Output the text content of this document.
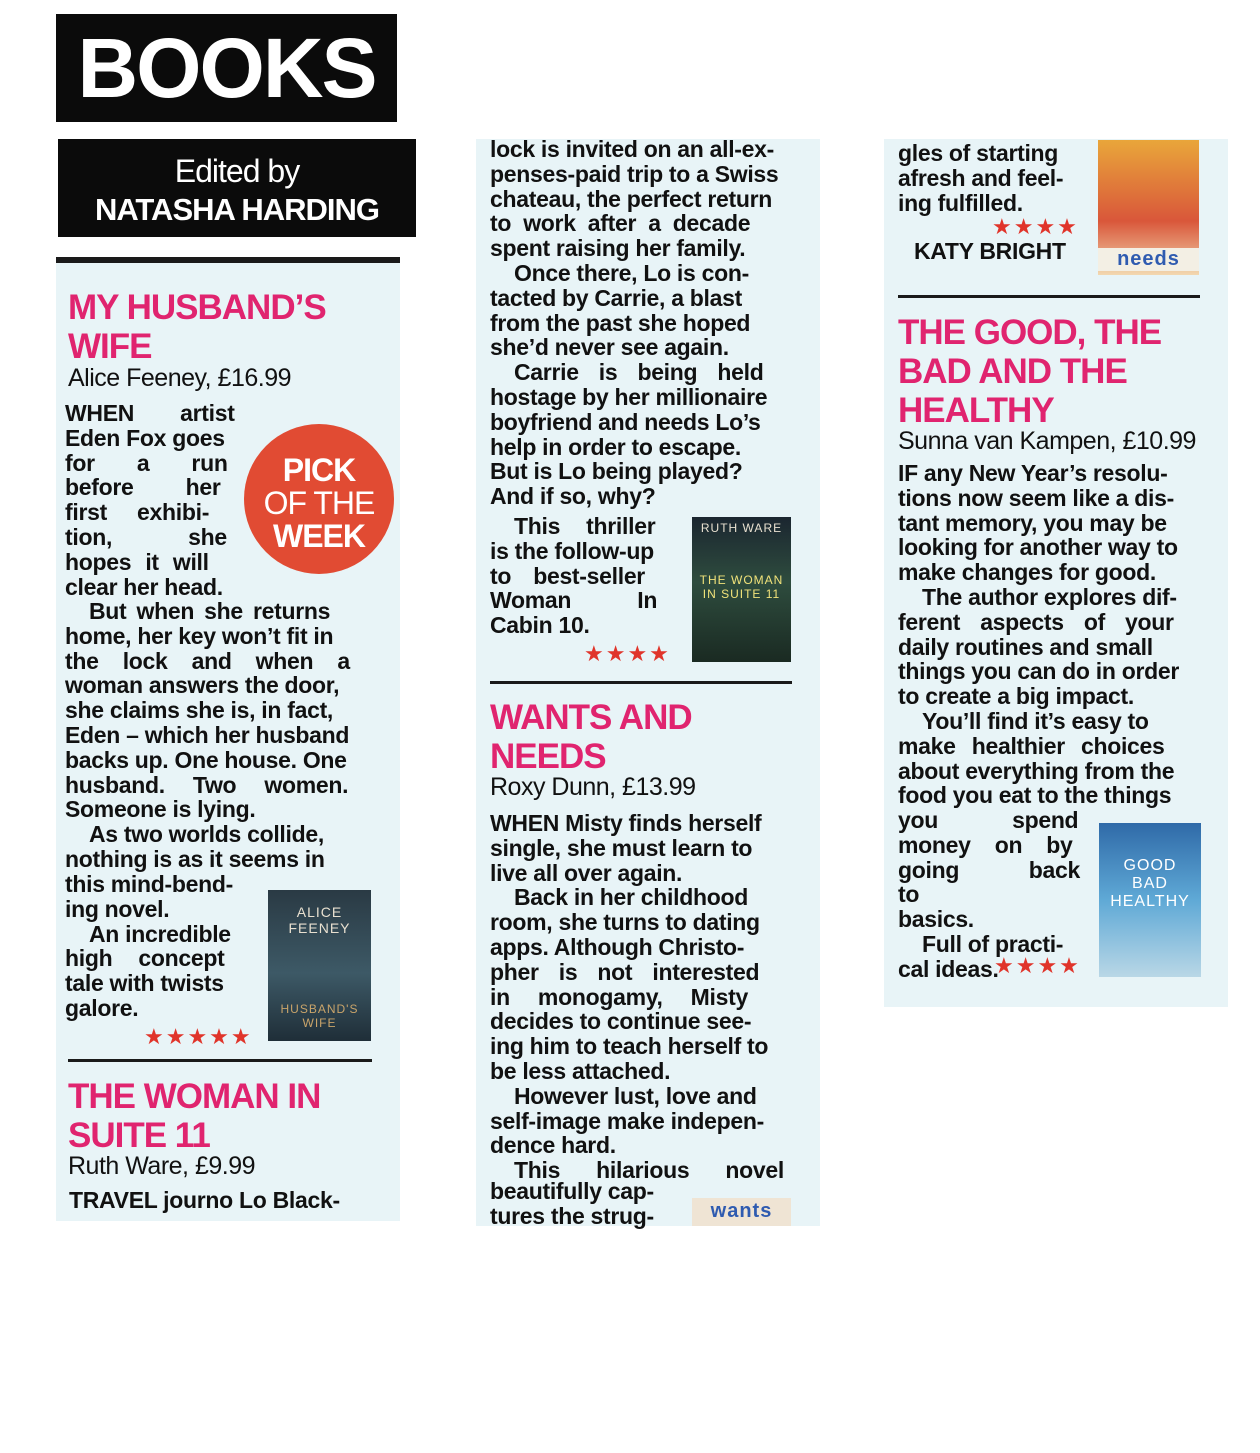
BOOKS
Edited by
NATASHA HARDING
MY HUSBAND’S
WIFE
Alice Feeney, £16.99
PICK
OF THE
WEEK

WHEN artist

Eden Fox goes

for a run

before her

first exhibi-

tion, she

hopes it will

clear her head.

But when she returns

home, her key won’t fit in

the lock and when a

woman answers the door,

she claims she is, in fact,

Eden – which her husband

backs up. One house. One

husband. Two women.

Someone is lying.

As two worlds collide,

nothing is as it seems in

this mind-bend-

ing novel.

An incredible

high concept

tale with twists

galore.

★★★★★
ALICE FEENEY
HUSBAND'S WIFE
THE WOMAN IN
SUITE 11
Ruth Ware, £9.99

TRAVEL journo Lo Black-

lock is invited on an all-ex-

penses-paid trip to a Swiss

chateau, the perfect return

to work after a decade

spent raising her family.

Once there, Lo is con-

tacted by Carrie, a blast

from the past she hoped

she’d never see again.

Carrie is being held

hostage by her millionaire

boyfriend and needs Lo’s

help in order to escape.

But is Lo being played?

And if so, why?

This thriller

is the follow-up

to best-seller

Woman In

Cabin 10.

★★★★
RUTH WARE
THE WOMAN IN SUITE 11
WANTS AND
NEEDS
Roxy Dunn, £13.99

WHEN Misty finds herself

single, she must learn to

live all over again.

Back in her childhood

room, she turns to dating

apps. Although Christo-

pher is not interested

in monogamy, Misty

decides to continue see-

ing him to teach herself to

be less attached.

However lust, love and

self-image make indepen-

dence hard.

This hilarious novel

beautifully cap-

tures the strug-	wants

gles of starting

afresh and feel-

ing fulfilled.

★★★★
KATY BRIGHT	needs
THE GOOD, THE
BAD AND THE
HEALTHY
Sunna van Kampen, £10.99

IF any New Year’s resolu-

tions now seem like a dis-

tant memory, you may be

looking for another way to

make changes for good.

The author explores dif-

ferent aspects of your

daily routines and small

things you can do in order

to create a big impact.

You’ll find it’s easy to

make healthier choices

about everything from the

food you eat to the things

you spend

money on by

going back to

basics.

Full of practi-

cal ideas.

★★★★
GOOD BAD HEALTHY
